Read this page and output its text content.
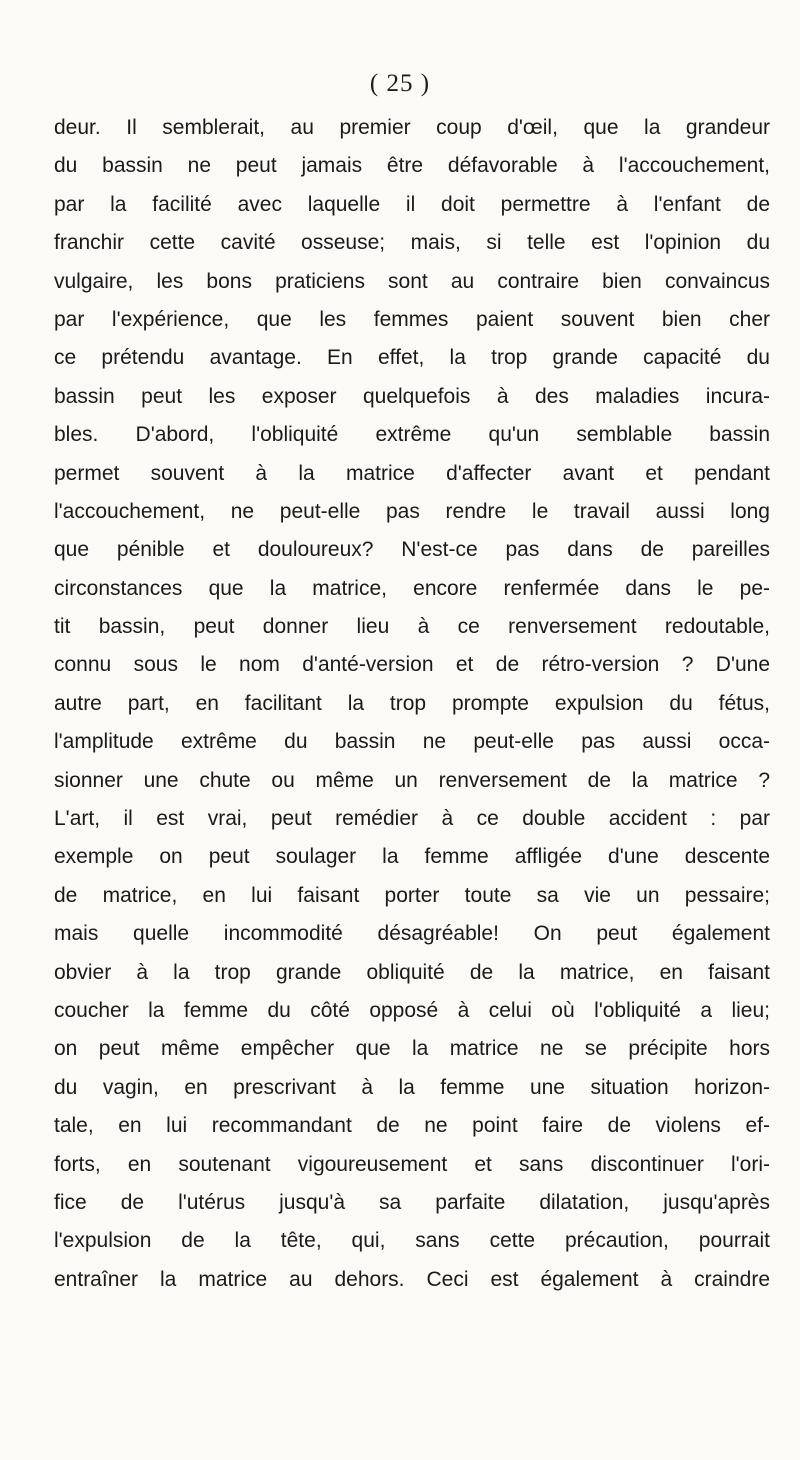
( 25 )
deur. Il semblerait, au premier coup d'œil, que la grandeur
du bassin ne peut jamais être défavorable à l'accouchement,
par la facilité avec laquelle il doit permettre à l'enfant de
franchir cette cavité osseuse; mais, si telle est l'opinion du
vulgaire, les bons praticiens sont au contraire bien convaincus
par l'expérience, que les femmes paient souvent bien cher
ce prétendu avantage. En effet, la trop grande capacité du
bassin peut les exposer quelquefois à des maladies incura-
bles. D'abord, l'obliquité extrême qu'un semblable bassin
permet souvent à la matrice d'affecter avant et pendant
l'accouchement, ne peut-elle pas rendre le travail aussi long
que pénible et douloureux? N'est-ce pas dans de pareilles
circonstances que la matrice, encore renfermée dans le pe-
tit bassin, peut donner lieu à ce renversement redoutable,
connu sous le nom d'anté-version et de rétro-version ? D'une
autre part, en facilitant la trop prompte expulsion du fétus,
l'amplitude extrême du bassin ne peut-elle pas aussi occa-
sionner une chute ou même un renversement de la matrice ?
L'art, il est vrai, peut remédier à ce double accident : par
exemple on peut soulager la femme affligée d'une descente
de matrice, en lui faisant porter toute sa vie un pessaire;
mais quelle incommodité désagréable! On peut également
obvier à la trop grande obliquité de la matrice, en faisant
coucher la femme du côté opposé à celui où l'obliquité a lieu;
on peut même empêcher que la matrice ne se précipite hors
du vagin, en prescrivant à la femme une situation horizon-
tale, en lui recommandant de ne point faire de violens ef-
forts, en soutenant vigoureusement et sans discontinuer l'ori-
fice de l'utérus jusqu'à sa parfaite dilatation, jusqu'après
l'expulsion de la tête, qui, sans cette précaution, pourrait
entraîner la matrice au dehors. Ceci est également à craindre
